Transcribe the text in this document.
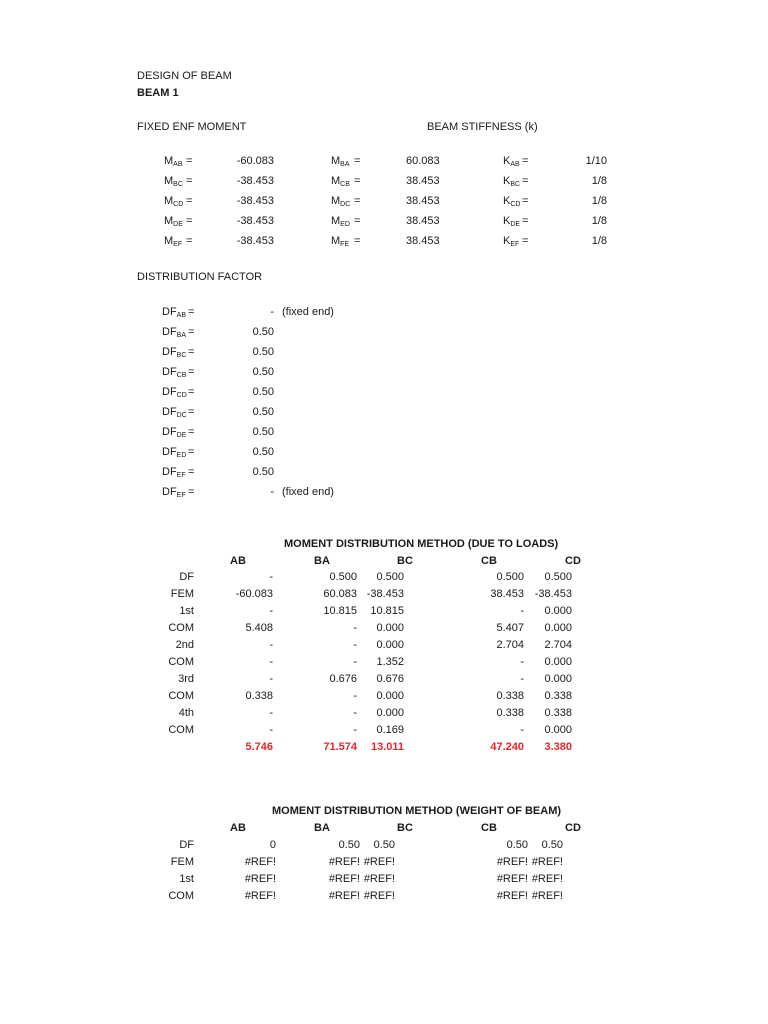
DESIGN OF BEAM
BEAM 1
FIXED ENF MOMENT	BEAM STIFFNESS (k)
$M_{AB}$ =	-60.083	$M_{BA}$ =	60.083	$K_{AB}$ =	1/10
$M_{BC}$ =	-38.453	$M_{CB}$ =	38.453	$K_{BC}$ =	1/8
$M_{CD}$ =	-38.453	$M_{DC}$ =	38.453	$K_{CD}$ =	1/8
$M_{DE}$ =	-38.453	$M_{ED}$ =	38.453	$K_{DE}$ =	1/8
$M_{EF}$ =	-38.453	$M_{FE}$ =	38.453	$K_{EF}$ =	1/8
DISTRIBUTION FACTOR
$DF_{AB}$ =	- (fixed end)
$DF_{BA}$ =	0.50
$DF_{BC}$ =	0.50
$DF_{CB}$ =	0.50
$DF_{CD}$ =	0.50
$DF_{DC}$ =	0.50
$DF_{DE}$ =	0.50
$DF_{ED}$ =	0.50
$DF_{EF}$ =	0.50
$DF_{EF}$ =	- (fixed end)
MOMENT DISTRIBUTION METHOD (DUE TO LOADS)
AB	BA	BC	CB	CD
DF	-	0.500	0.500	0.500	0.500
FEM	-60.083	60.083 -38.453	38.453 -38.453
1st	-	10.815	10.815	-	0.000
COM	5.408	-	0.000	5.407	0.000
2nd	-	-	0.000	2.704	2.704
COM	-	-	1.352	-	0.000
3rd	-	0.676	0.676	-	0.000
COM	0.338	-	0.000	0.338	0.338
4th	-	-	0.000	0.338	0.338
COM	-	-	0.169	-	0.000
5.746	71.574	13.011	47.240	3.380
MOMENT DISTRIBUTION METHOD (WEIGHT OF BEAM)
AB	BA	BC	CB	CD
DF	0	0.50	0.50	0.50	0.50
FEM	#REF!	#REF! #REF!	#REF! #REF!
1st	#REF!	#REF! #REF!	#REF! #REF!
COM	#REF!	#REF! #REF!	#REF! #REF!
